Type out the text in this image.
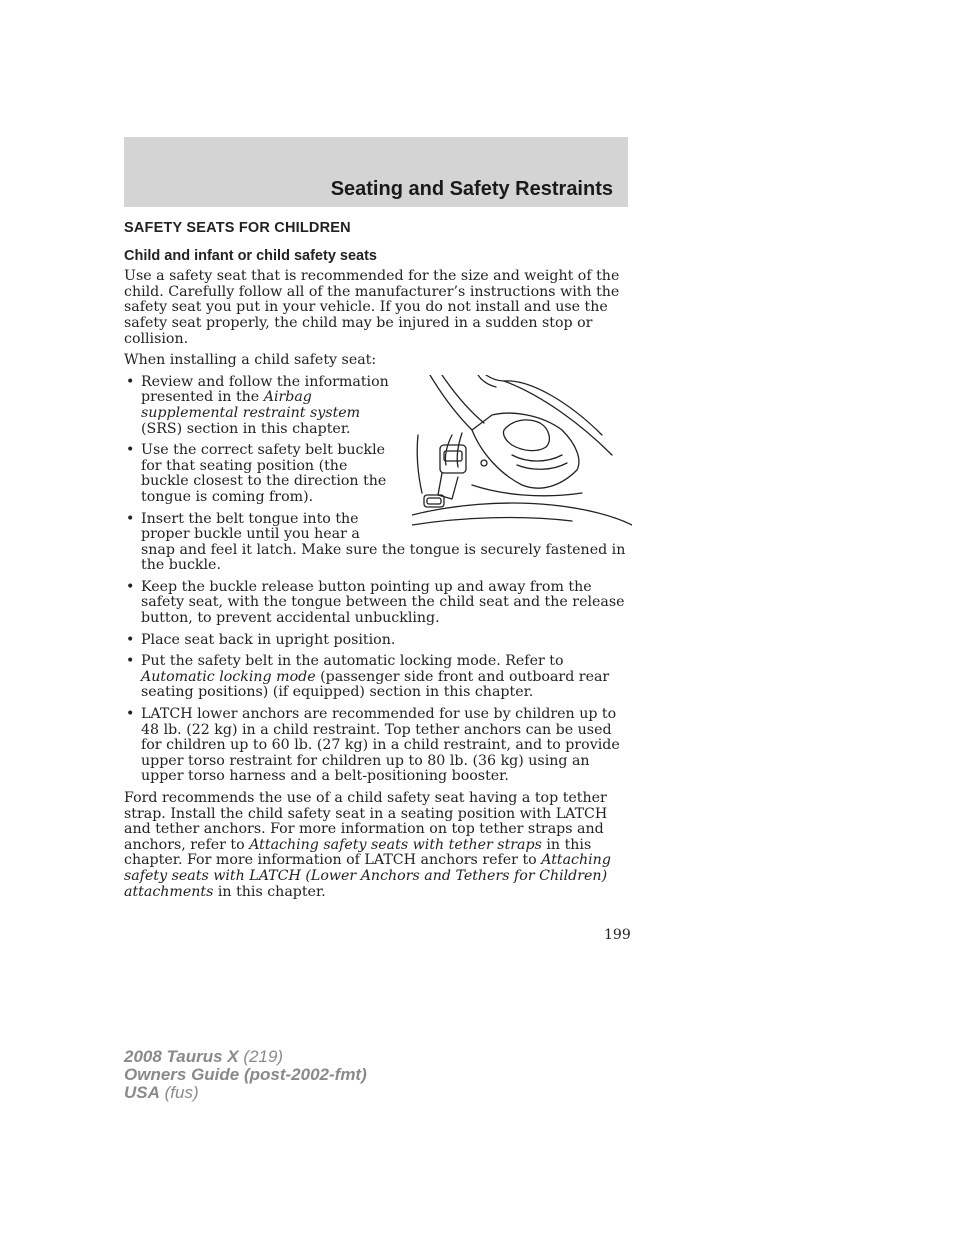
Seating and Safety Restraints
SAFETY SEATS FOR CHILDREN
Child and infant or child safety seats

Use a safety seat that is recommended for the size and weight of the child. Carefully follow all of the manufacturer’s instructions with the safety seat you put in your vehicle. If you do not install and use the safety seat properly, the child may be injured in a sudden stop or collision.

When installing a child safety seat:

• Review and follow the information presented in the Airbag supplemental restraint system (SRS) section in this chapter.
• Use the correct safety belt buckle for that seating position (the buckle closest to the direction the tongue is coming from).
• Insert the belt tongue into the proper buckle until you hear a snap and feel it latch. Make sure the tongue is securely fastened in the buckle.
• Keep the buckle release button pointing up and away from the safety seat, with the tongue between the child seat and the release button, to prevent accidental unbuckling.
• Place seat back in upright position.
• Put the safety belt in the automatic locking mode. Refer to Automatic locking mode (passenger side front and outboard rear seating positions) (if equipped) section in this chapter.
• LATCH lower anchors are recommended for use by children up to 48 lb. (22 kg) in a child restraint. Top tether anchors can be used for children up to 60 lb. (27 kg) in a child restraint, and to provide upper torso restraint for children up to 80 lb. (36 kg) using an upper torso harness and a belt-positioning booster.

Ford recommends the use of a child safety seat having a top tether strap. Install the child safety seat in a seating position with LATCH and tether anchors. For more information on top tether straps and anchors, refer to Attaching safety seats with tether straps in this chapter. For more information of LATCH anchors refer to Attaching safety seats with LATCH (Lower Anchors and Tethers for Children) attachments in this chapter.

199
2008 Taurus X (219)
Owners Guide (post-2002-fmt)
USA (fus)
